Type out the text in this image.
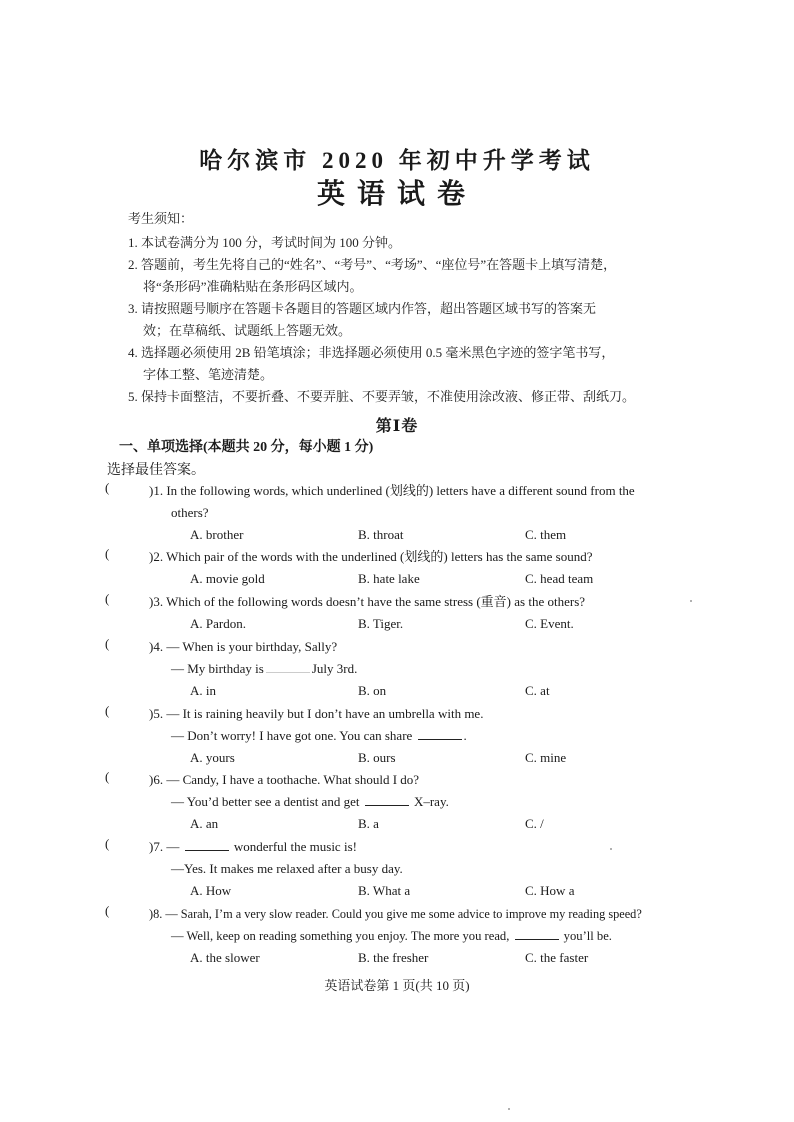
哈尔滨市 2020 年初中升学考试
英语试卷

考生须知：

1. 本试卷满分为 100 分，考试时间为 100 分钟。

2. 答题前，考生先将自己的“姓名”、“考号”、“考场”、“座位号”在答题卡上填写清楚，

将“条形码”准确粘贴在条形码区域内。

3. 请按照题号顺序在答题卡各题目的答题区域内作答，超出答题区域书写的答案无

效；在草稿纸、试题纸上答题无效。

4. 选择题必须使用 2B 铅笔填涂；非选择题必须使用 0.5 毫米黑色字迹的签字笔书写，

字体工整、笔迹清楚。

5. 保持卡面整洁，不要折叠、不要弄脏、不要弄皱，不准使用涂改液、修正带、刮纸刀。

第Ⅰ卷
一、单项选择(本题共 20 分，每小题 1 分)
选择最佳答案。
(	)1. In the following words, which underlined (划线的) letters have a different sound from the
others?
A. brother	B. throat	C. them
(	)2. Which pair of the words with the underlined (划线的) letters has the same sound?
A. movie gold	B. hate lake	C. head team
(	)3. Which of the following words doesn’t have the same stress (重音) as the others?
A. Pardon.	B. Tiger.	C. Event.
(	)4. — When is your birthday, Sally?
— My birthday is	July 3rd.
A. in	B. on	C. at
(	)5. — It is raining heavily but I don’t have an umbrella with me.
— Don’t worry! I have got one. You can share	.
A. yours	B. ours	C. mine
(	)6. — Candy, I have a toothache. What should I do?
— You’d better see a dentist and get	X–ray.
A. an	B. a	C. /
(	)7. —	wonderful the music is!
—Yes. It makes me relaxed after a busy day.
A. How	B. What a	C. How a
(	)8. — Sarah, I’m a very slow reader. Could you give me some advice to improve my reading speed?
— Well, keep on reading something you enjoy. The more you read,	you’ll be.
A. the slower	B. the fresher	C. the faster
英语试卷第 1 页(共 10 页)
